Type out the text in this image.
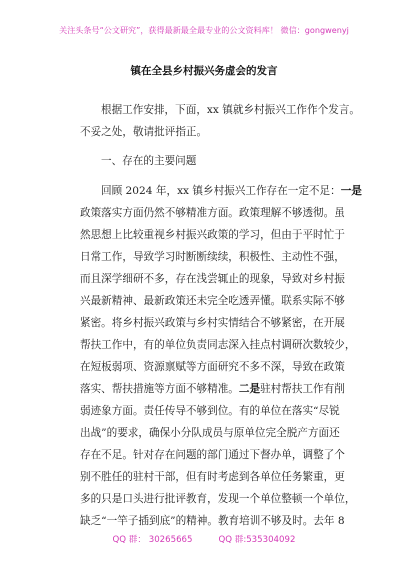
关注头条号“公文研究”，获得最新最全最专业的公文资料库！ 微信：gongwenyj
镇在全县乡村振兴务虚会的发言
根据工作安排，下面，xx 镇就乡村振兴工作作个发言。
不妥之处，敬请批评指正。
一、存在的主要问题
回顾 2024 年，xx 镇乡村振兴工作存在一定不足：一是
政策落实方面仍然不够精准方面。政策理解不够透彻。虽
然思想上比较重视乡村振兴政策的学习，但由于平时忙于
日常工作，导致学习时断断续续，积极性、主动性不强，
而且深学细研不多，存在浅尝辄止的现象，导致对乡村振
兴最新精神、最新政策还未完全吃透弄懂。联系实际不够
紧密。将乡村振兴政策与乡村实情结合不够紧密，在开展
帮扶工作中，有的单位负责同志深入挂点村调研次数较少，
在短板弱项、资源禀赋等方面研究不多不深，导致在政策
落实、帮扶措施等方面不够精准。二是驻村帮扶工作有削
弱迹象方面。责任传导不够到位。有的单位在落实“尽锐
出战”的要求，确保小分队成员与原单位完全脱产方面还
存在不足。针对存在问题的部门通过下督办单，调整了个
别不胜任的驻村干部，但有时考虑到各单位任务繁重，更
多的只是口头进行批评教育，发现一个单位整顿一个单位，
缺乏“一竿子插到底”的精神。教育培训不够及时。去年 8
QQ 群： 30265665	QQ 群:535304092
